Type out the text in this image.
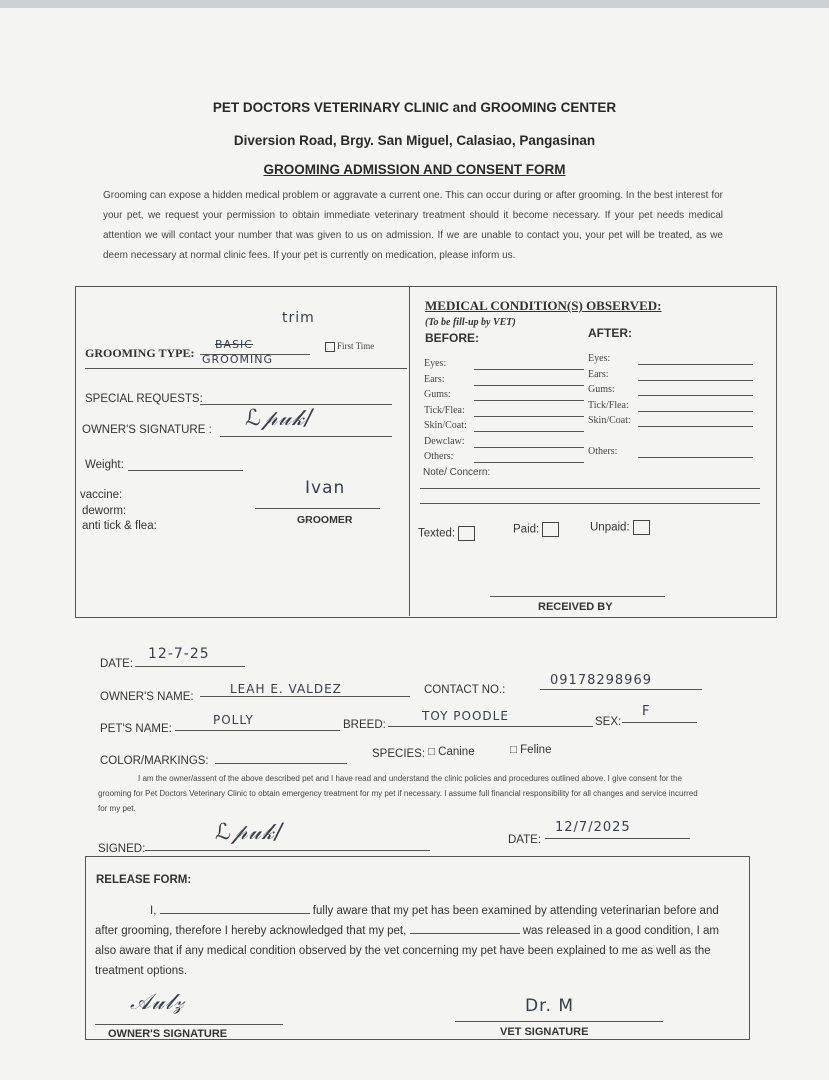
PET DOCTORS VETERINARY CLINIC and GROOMING CENTER
Diversion Road, Brgy. San Miguel, Calasiao, Pangasinan
GROOMING ADMISSION AND CONSENT FORM
Grooming can expose a hidden medical problem or aggravate a current one. This can occur during or after grooming. In the best interest for your pet, we request your permission to obtain immediate veterinary treatment should it become necessary. If your pet needs medical attention we will contact your number that was given to us on admission. If we are unable to contact you, your pet will be treated, as we deem necessary at normal clinic fees. If your pet is currently on medication, please inform us.
trim
GROOMING TYPE:
BASIC
GROOMING
First Time
SPECIAL REQUESTS:
OWNER'S SIGNATURE : ℒ𝓅𝓊𝓀/
Weight:
Ivan
GROOMER
vaccine:
deworm:
anti tick & flea:
MEDICAL CONDITION(S) OBSERVED:
(To be fill-up by VET)
BEFORE:	AFTER:
Eyes:
Ears:
Gums:
Tick/Flea:
Skin/Coat:
Dewclaw:
Others:
Eyes:
Ears:
Gums:
Tick/Flea:
Skin/Coat:
Others:
Note/ Concern:
Texted:	Paid:	Unpaid:
RECEIVED BY
DATE:
12-7-25
OWNER'S NAME:
LEAH E. VALDEZ	CONTACT NO.:
09178298969
PET'S NAME:
POLLY	BREED:
TOY POODLE	SEX:
F
COLOR/MARKINGS:
SPECIES: □ Canine	□ Feline
I am the owner/assent of the above described pet and I have read and understand the clinic policies and procedures outlined above. I give consent for the grooming for Pet Doctors Veterinary Clinic to obtain emergency treatment for my pet if necessary. I assume full financial responsibility for all changes and service incurred for my pet.
SIGNED:
ℒ𝓅𝓊𝓀/	DATE:
12/7/2025
RELEASE FORM:
I,	fully aware that my pet has been examined by attending veterinarian before and after grooming, therefore I hereby acknowledged that my pet,	was released in a good condition, I am also aware that if any medical condition observed by the vet concerning my pet have been explained to me as well as the treatment options.
𝒜𝓊𝓁𝓏
OWNER'S SIGNATURE
Dr. M
VET SIGNATURE
